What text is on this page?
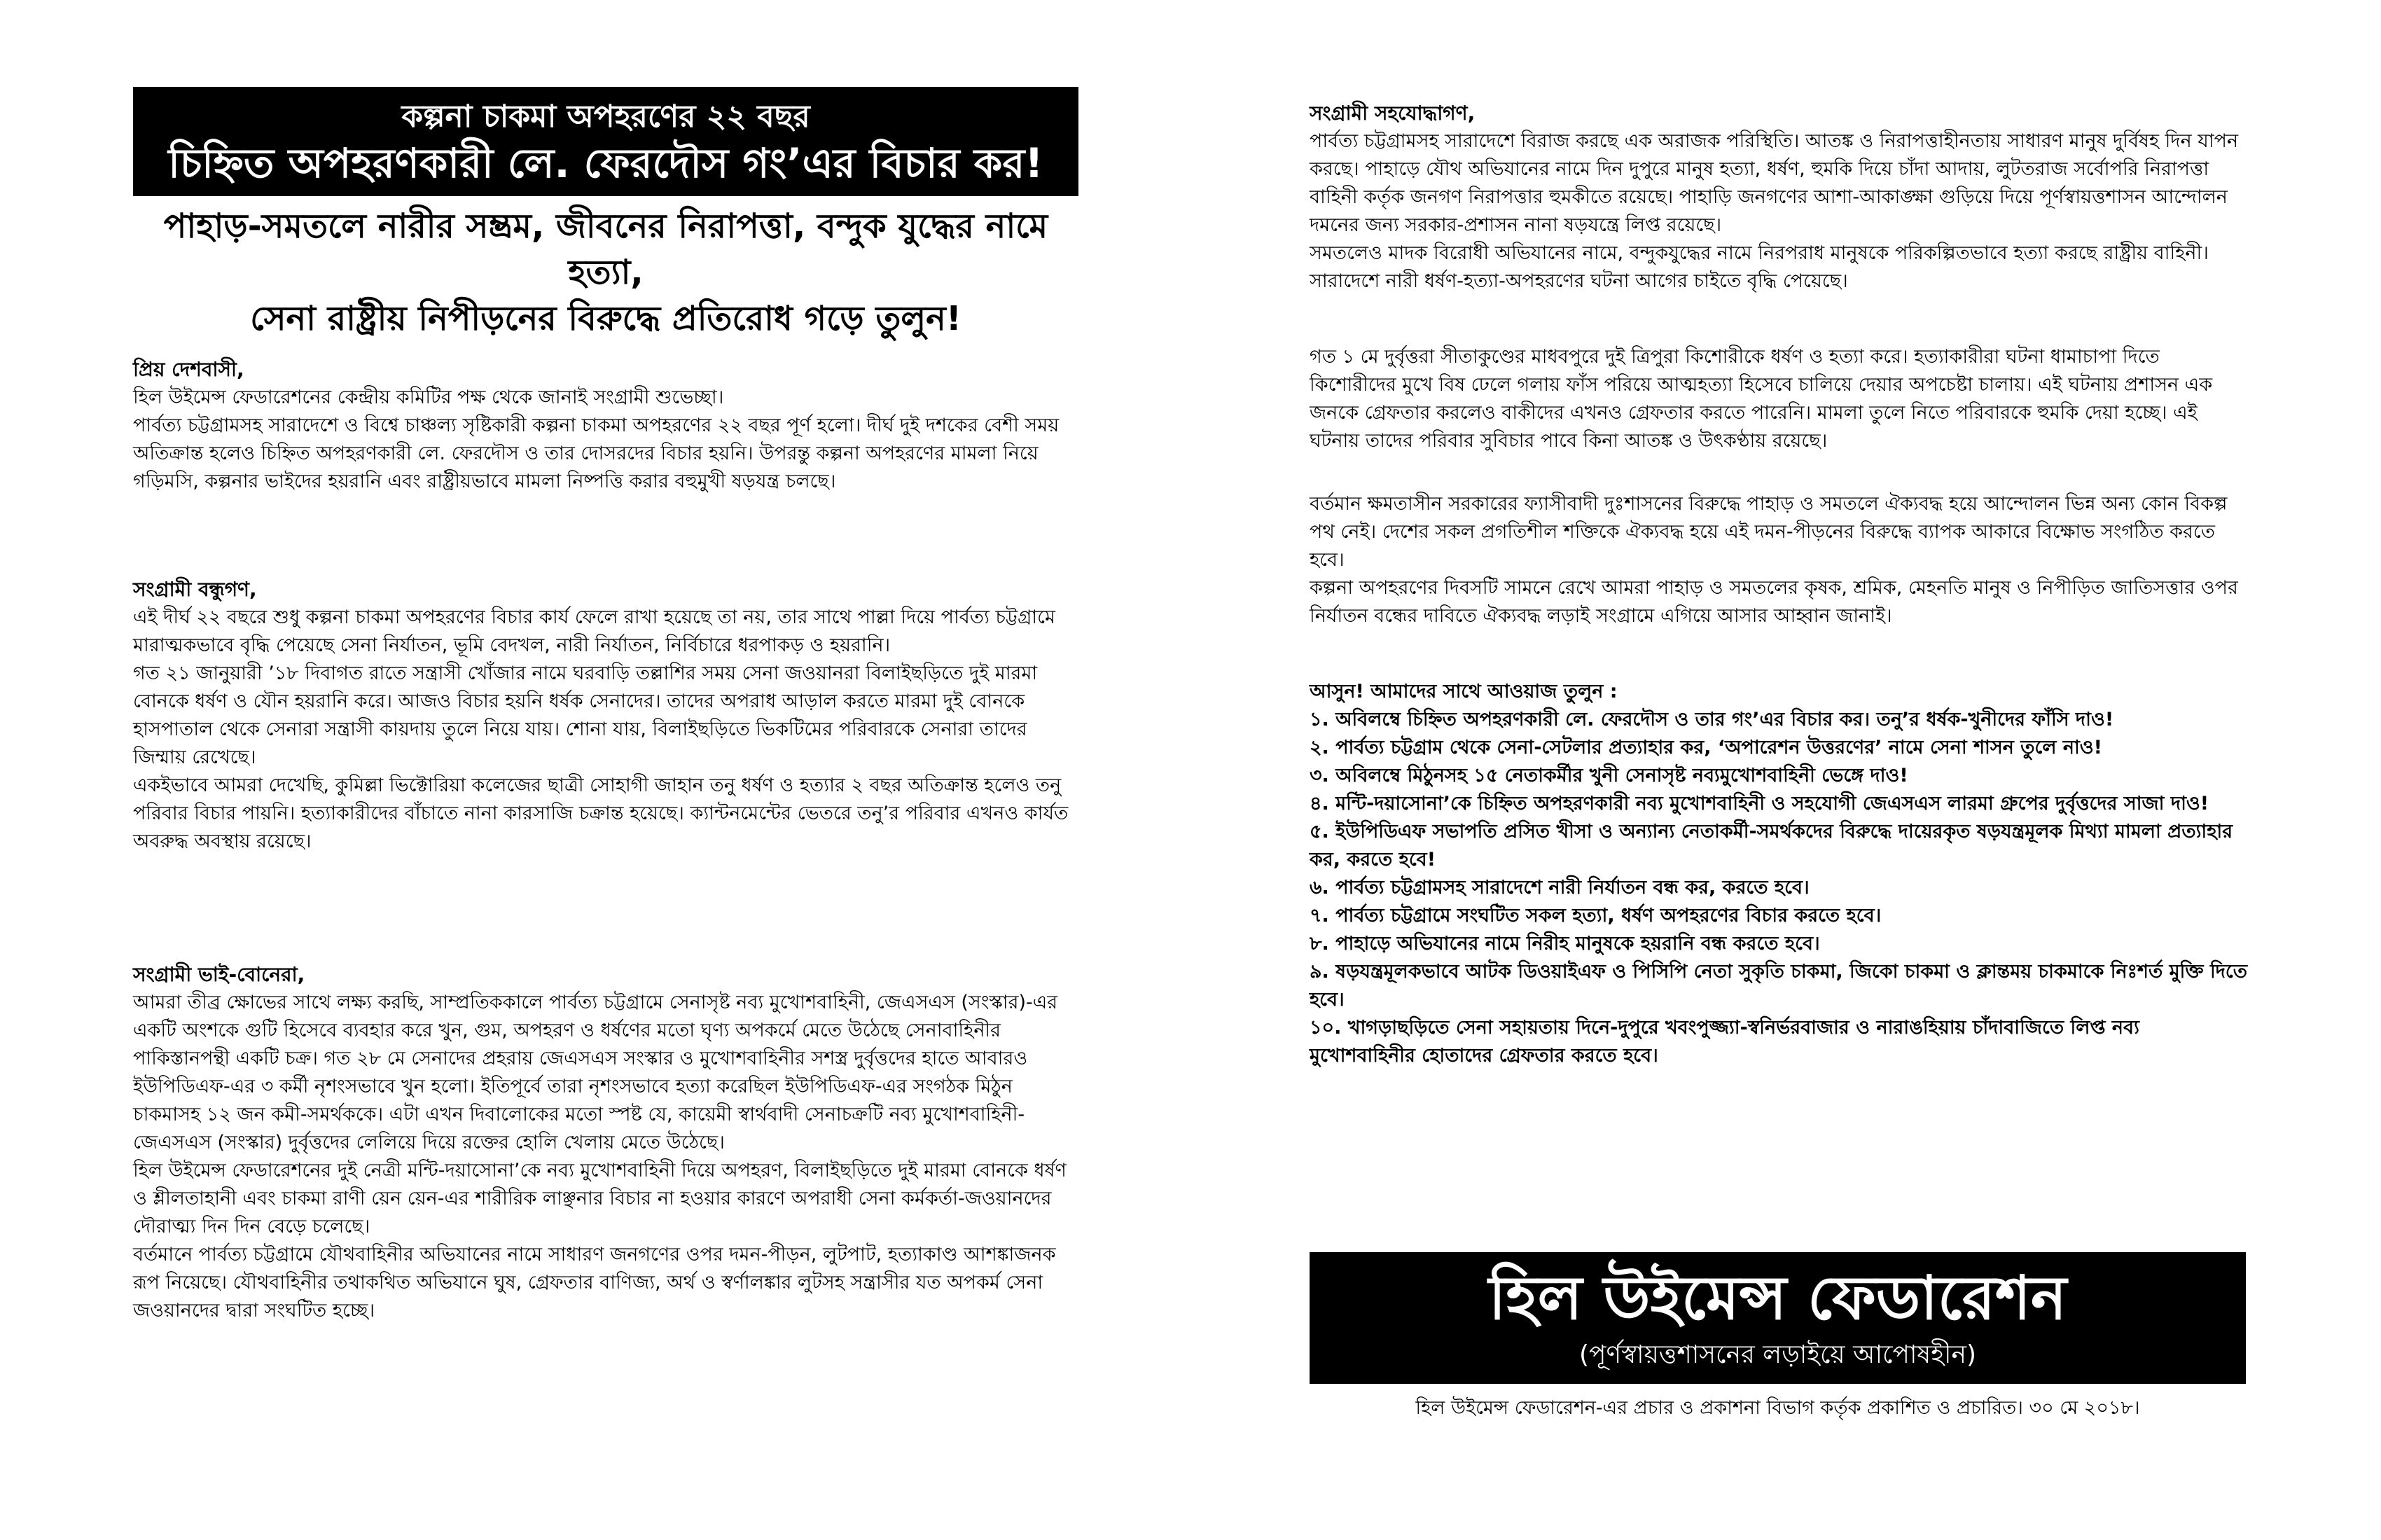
কল্পনা চাকমা অপহরণের ২২ বছর
চিহ্নিত অপহরণকারী লে. ফেরদৌস গং’এর বিচার কর!
পাহাড়-সমতলে নারীর সম্ভ্রম, জীবনের নিরাপত্তা, বন্দুক যুদ্ধের নামে হত্যা,
সেনা রাষ্ট্রীয় নিপীড়নের বিরুদ্ধে প্রতিরোধ গড়ে তুলুন!
প্রিয় দেশবাসী,

হিল উইমেন্স ফেডারেশনের কেন্দ্রীয় কমিটির পক্ষ থেকে জানাই সংগ্রামী শুভেচ্ছা।

পার্বত্য চট্টগ্রামসহ সারাদেশে ও বিশ্বে চাঞ্চল্য সৃষ্টিকারী কল্পনা চাকমা অপহরণের ২২ বছর পূর্ণ হলো। দীর্ঘ দুই দশকের বেশী সময় অতিক্রান্ত হলেও চিহ্নিত অপহরণকারী লে. ফেরদৌস ও তার দোসরদের বিচার হয়নি। উপরন্তু কল্পনা অপহরণের মামলা নিয়ে গড়িমসি, কল্পনার ভাইদের হয়রানি এবং রাষ্ট্রীয়ভাবে মামলা নিষ্পত্তি করার বহুমুখী ষড়যন্ত্র চলছে।

সংগ্রামী বন্ধুগণ,

এই দীর্ঘ ২২ বছরে শুধু কল্পনা চাকমা অপহরণের বিচার কার্য ফেলে রাখা হয়েছে তা নয়, তার সাথে পাল্লা দিয়ে পার্বত্য চট্টগ্রামে মারাত্মকভাবে বৃদ্ধি পেয়েছে সেনা নির্যাতন, ভূমি বেদখল, নারী নির্যাতন, নির্বিচারে ধরপাকড় ও হয়রানি।

গত ২১ জানুয়ারী ’১৮ দিবাগত রাতে সন্ত্রাসী খোঁজার নামে ঘরবাড়ি তল্লাশির সময় সেনা জওয়ানরা বিলাইছড়িতে দুই মারমা বোনকে ধর্ষণ ও যৌন হয়রানি করে। আজও বিচার হয়নি ধর্ষক সেনাদের। তাদের অপরাধ আড়াল করতে মারমা দুই বোনকে হাসপাতাল থেকে সেনারা সন্ত্রাসী কায়দায় তুলে নিয়ে যায়। শোনা যায়, বিলাইছড়িতে ভিকটিমের পরিবারকে সেনারা তাদের জিম্মায় রেখেছে।

একইভাবে আমরা দেখেছি, কুমিল্লা ভিক্টোরিয়া কলেজের ছাত্রী সোহাগী জাহান তনু ধর্ষণ ও হত্যার ২ বছর অতিক্রান্ত হলেও তনু পরিবার বিচার পায়নি। হত্যাকারীদের বাঁচাতে নানা কারসাজি চক্রান্ত হয়েছে। ক্যান্টনমেন্টের ভেতরে তনু’র পরিবার এখনও কার্যত অবরুদ্ধ অবস্থায় রয়েছে।

সংগ্রামী ভাই-বোনেরা,

আমরা তীব্র ক্ষোভের সাথে লক্ষ্য করছি, সাম্প্রতিককালে পার্বত্য চট্টগ্রামে সেনাসৃষ্ট নব্য মুখোশবাহিনী, জেএসএস (সংস্কার)-এর একটি অংশকে গুটি হিসেবে ব্যবহার করে খুন, গুম, অপহরণ ও ধর্ষণের মতো ঘৃণ্য অপকর্মে মেতে উঠেছে সেনাবাহিনীর পাকিস্তানপন্থী একটি চক্র। গত ২৮ মে সেনাদের প্রহরায় জেএসএস সংস্কার ও মুখোশবাহিনীর সশস্ত্র দুর্বৃত্তদের হাতে আবারও ইউপিডিএফ-এর ৩ কর্মী নৃশংসভাবে খুন হলো। ইতিপূর্বে তারা নৃশংসভাবে হত্যা করেছিল ইউপিডিএফ-এর সংগঠক মিঠুন চাকমাসহ ১২ জন কমী-সমর্থককে। এটা এখন দিবালোকের মতো স্পষ্ট যে, কায়েমী স্বার্থবাদী সেনাচক্রটি নব্য মুখোশবাহিনী-জেএসএস (সংস্কার) দুর্বৃত্তদের লেলিয়ে দিয়ে রক্তের হোলি খেলায় মেতে উঠেছে।

হিল উইমেন্স ফেডারেশনের দুই নেত্রী মন্টি-দয়াসোনা’কে নব্য মুখোশবাহিনী দিয়ে অপহরণ, বিলাইছড়িতে দুই মারমা বোনকে ধর্ষণ ও শ্লীলতাহানী এবং চাকমা রাণী য়েন য়েন-এর শারীরিক লাঞ্ছনার বিচার না হওয়ার কারণে অপরাধী সেনা কর্মকর্তা-জওয়ানদের দৌরাত্ম্য দিন দিন বেড়ে চলেছে।

বর্তমানে পার্বত্য চট্টগ্রামে যৌথবাহিনীর অভিযানের নামে সাধারণ জনগণের ওপর দমন-পীড়ন, লুটপাট, হত্যাকাণ্ড আশঙ্কাজনক রূপ নিয়েছে। যৌথবাহিনীর তথাকথিত অভিযানে ঘুষ, গ্রেফতার বাণিজ্য, অর্থ ও স্বর্ণালঙ্কার লুটসহ সন্ত্রাসীর যত অপকর্ম সেনা জওয়ানদের দ্বারা সংঘটিত হচ্ছে।

সংগ্রামী সহযোদ্ধাগণ,

পার্বত্য চট্টগ্রামসহ সারাদেশে বিরাজ করছে এক অরাজক পরিস্থিতি। আতঙ্ক ও নিরাপত্তাহীনতায় সাধারণ মানুষ দুর্বিষহ দিন যাপন করছে। পাহাড়ে যৌথ অভিযানের নামে দিন দুপুরে মানুষ হত্যা, ধর্ষণ, হুমকি দিয়ে চাঁদা আদায়, লুটতরাজ সর্বোপরি নিরাপত্তা বাহিনী কর্তৃক জনগণ নিরাপত্তার হুমকীতে রয়েছে। পাহাড়ি জনগণের আশা-আকাঙ্ক্ষা গুড়িয়ে দিয়ে পূর্ণস্বায়ত্তশাসন আন্দোলন দমনের জন্য সরকার-প্রশাসন নানা ষড়যন্ত্রে লিপ্ত রয়েছে।

সমতলেও মাদক বিরোধী অভিযানের নামে, বন্দুকযুদ্ধের নামে নিরপরাধ মানুষকে পরিকল্পিতভাবে হত্যা করছে রাষ্ট্রীয় বাহিনী। সারাদেশে নারী ধর্ষণ-হত্যা-অপহরণের ঘটনা আগের চাইতে বৃদ্ধি পেয়েছে।

গত ১ মে দুর্বৃত্তরা সীতাকুণ্ডের মাধবপুরে দুই ত্রিপুরা কিশোরীকে ধর্ষণ ও হত্যা করে। হত্যাকারীরা ঘটনা ধামাচাপা দিতে কিশোরীদের মুখে বিষ ঢেলে গলায় ফাঁস পরিয়ে আত্মহত্যা হিসেবে চালিয়ে দেয়ার অপচেষ্টা চালায়। এই ঘটনায় প্রশাসন এক জনকে গ্রেফতার করলেও বাকীদের এখনও গ্রেফতার করতে পারেনি। মামলা তুলে নিতে পরিবারকে হুমকি দেয়া হচ্ছে। এই ঘটনায় তাদের পরিবার সুবিচার পাবে কিনা আতঙ্ক ও উৎকণ্ঠায় রয়েছে।

বর্তমান ক্ষমতাসীন সরকারের ফ্যাসীবাদী দুঃশাসনের বিরুদ্ধে পাহাড় ও সমতলে ঐক্যবদ্ধ হয়ে আন্দোলন ভিন্ন অন্য কোন বিকল্প পথ নেই। দেশের সকল প্রগতিশীল শক্তিকে ঐক্যবদ্ধ হয়ে এই দমন-পীড়নের বিরুদ্ধে ব্যাপক আকারে বিক্ষোভ সংগঠিত করতে হবে।

কল্পনা অপহরণের দিবসটি সামনে রেখে আমরা পাহাড় ও সমতলের কৃষক, শ্রমিক, মেহনতি মানুষ ও নিপীড়িত জাতিসত্তার ওপর নির্যাতন বন্ধের দাবিতে ঐক্যবদ্ধ লড়াই সংগ্রামে এগিয়ে আসার আহ্বান জানাই।

আসুন! আমাদের সাথে আওয়াজ তুলুন :

১. অবিলম্বে চিহ্নিত অপহরণকারী লে. ফেরদৌস ও তার গং’এর বিচার কর। তনু’র ধর্ষক-খুনীদের ফাঁসি দাও!

২. পার্বত্য চট্টগ্রাম থেকে সেনা-সেটলার প্রত্যাহার কর, ‘অপারেশন উত্তরণের’ নামে সেনা শাসন তুলে নাও!

৩. অবিলম্বে মিঠুনসহ ১৫ নেতাকর্মীর খুনী সেনাসৃষ্ট নব্যমুখোশবাহিনী ভেঙ্গে দাও!

৪. মন্টি-দয়াসোনা’কে চিহ্নিত অপহরণকারী নব্য মুখোশবাহিনী ও সহযোগী জেএসএস লারমা গ্রুপের দুর্বৃত্তদের সাজা দাও!

৫. ইউপিডিএফ সভাপতি প্রসিত খীসা ও অন্যান্য নেতাকর্মী-সমর্থকদের বিরুদ্ধে দায়েরকৃত ষড়যন্ত্রমূলক মিথ্যা মামলা প্রত্যাহার কর, করতে হবে!

৬. পার্বত্য চট্টগ্রামসহ সারাদেশে নারী নির্যাতন বন্ধ কর, করতে হবে।

৭. পার্বত্য চট্টগ্রামে সংঘটিত সকল হত্যা, ধর্ষণ অপহরণের বিচার করতে হবে।

৮. পাহাড়ে অভিযানের নামে নিরীহ মানুষকে হয়রানি বন্ধ করতে হবে।

৯. ষড়যন্ত্রমূলকভাবে আটক ডিওয়াইএফ ও পিসিপি নেতা সুকৃতি চাকমা, জিকো চাকমা ও ক্লান্তময় চাকমাকে নিঃশর্ত মুক্তি দিতে হবে।

১০. খাগড়াছড়িতে সেনা সহায়তায় দিনে-দুপুরে খবংপুজ্জ্যা-স্বনির্ভরবাজার ও নারাঙহিয়ায় চাঁদাবাজিতে লিপ্ত নব্য মুখোশবাহিনীর হোতাদের গ্রেফতার করতে হবে।

হিল উইমেন্স ফেডারেশন
(পূর্ণস্বায়ত্তশাসনের লড়াইয়ে আপোষহীন)
হিল উইমেন্স ফেডারেশন-এর প্রচার ও প্রকাশনা বিভাগ কর্তৃক প্রকাশিত ও প্রচারিত। ৩০ মে ২০১৮।
